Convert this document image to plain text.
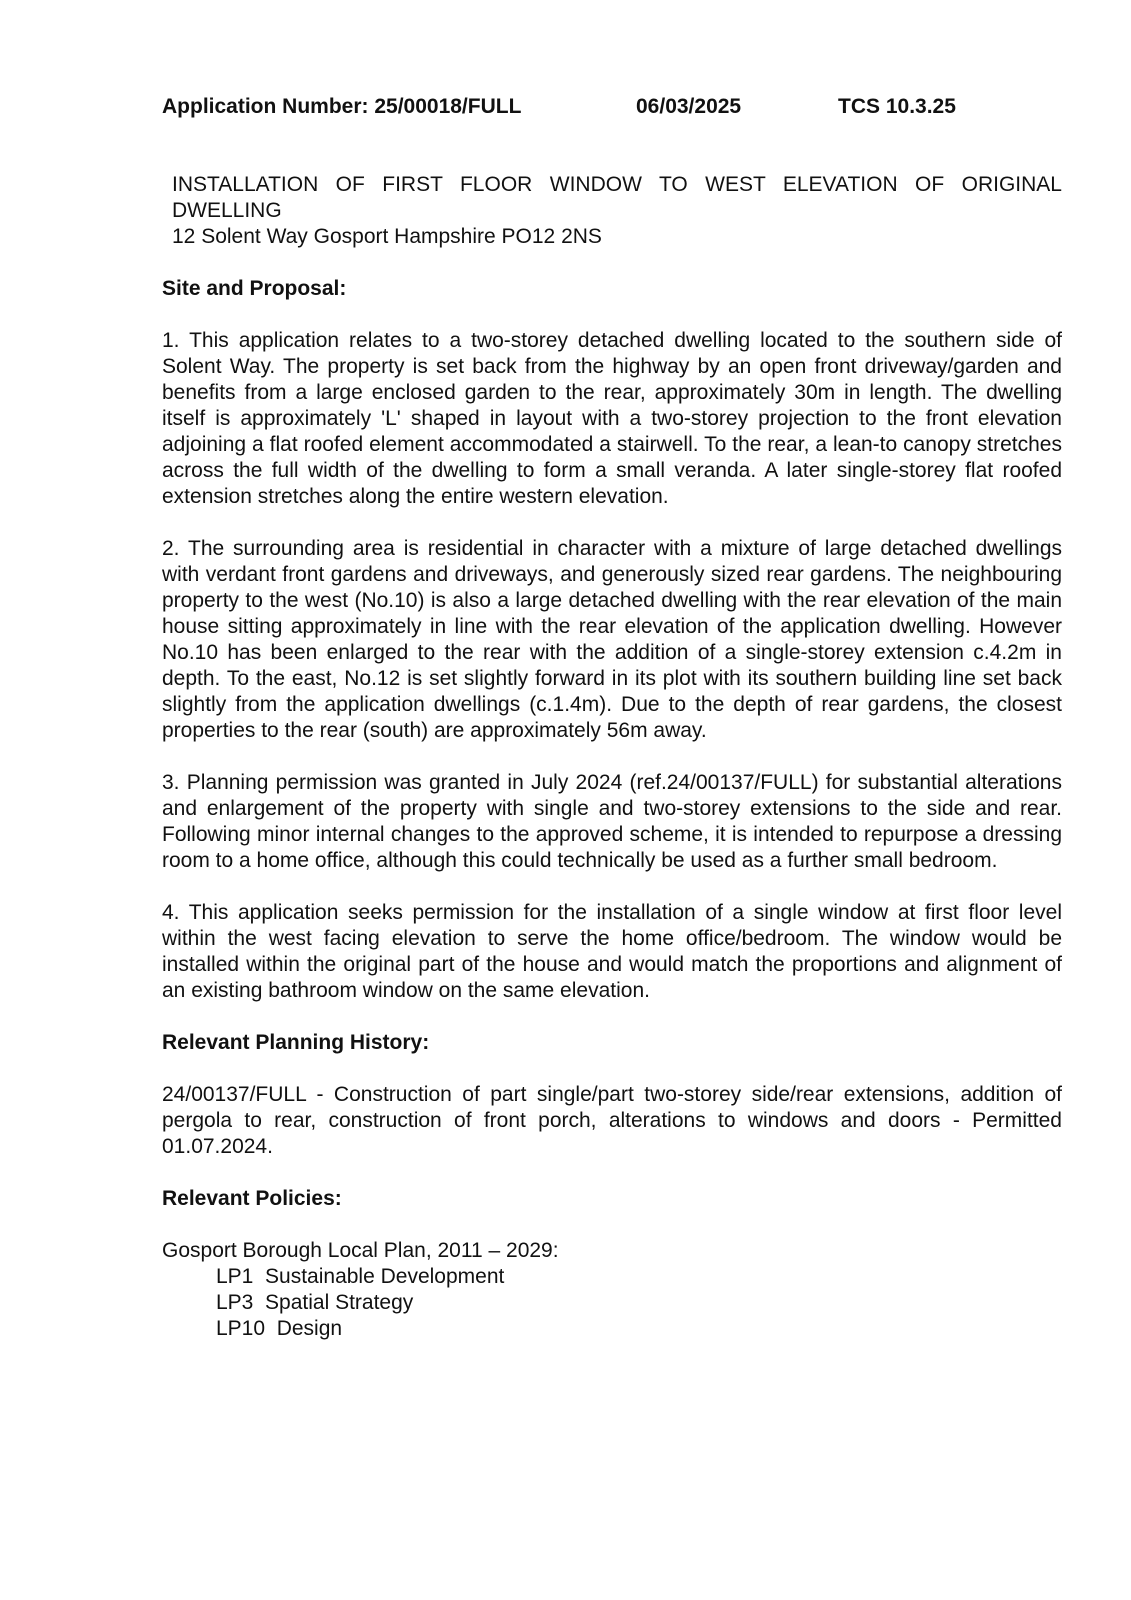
Application Number: 25/00018/FULL	06/03/2025	TCS 10.3.25
INSTALLATION OF FIRST FLOOR WINDOW TO WEST ELEVATION OF ORIGINAL
DWELLING
12 Solent Way Gosport Hampshire PO12 2NS

Site and Proposal:

1. This application relates to a two-storey detached dwelling located to the southern side of Solent Way. The property is set back from the highway by an open front driveway/garden and benefits from a large enclosed garden to the rear, approximately 30m in length. The dwelling itself is approximately 'L' shaped in layout with a two-storey projection to the front elevation adjoining a flat roofed element accommodated a stairwell. To the rear, a lean-to canopy stretches across the full width of the dwelling to form a small veranda. A later single-storey flat roofed extension stretches along the entire western elevation.

2. The surrounding area is residential in character with a mixture of large detached dwellings with verdant front gardens and driveways, and generously sized rear gardens. The neighbouring property to the west (No.10) is also a large detached dwelling with the rear elevation of the main house sitting approximately in line with the rear elevation of the application dwelling. However No.10 has been enlarged to the rear with the addition of a single-storey extension c.4.2m in depth. To the east, No.12 is set slightly forward in its plot with its southern building line set back slightly from the application dwellings (c.1.4m). Due to the depth of rear gardens, the closest properties to the rear (south) are approximately 56m away.

3. Planning permission was granted in July 2024 (ref.24/00137/FULL) for substantial alterations and enlargement of the property with single and two-storey extensions to the side and rear. Following minor internal changes to the approved scheme, it is intended to repurpose a dressing room to a home office, although this could technically be used as a further small bedroom.

4. This application seeks permission for the installation of a single window at first floor level within the west facing elevation to serve the home office/bedroom. The window would be installed within the original part of the house and would match the proportions and alignment of an existing bathroom window on the same elevation.

Relevant Planning History:

24/00137/FULL - Construction of part single/part two-storey side/rear extensions, addition of pergola to rear, construction of front porch, alterations to windows and doors - Permitted 01.07.2024.

Relevant Policies:

Gosport Borough Local Plan, 2011 – 2029:

LP1  Sustainable Development
LP3  Spatial Strategy
LP10  Design
